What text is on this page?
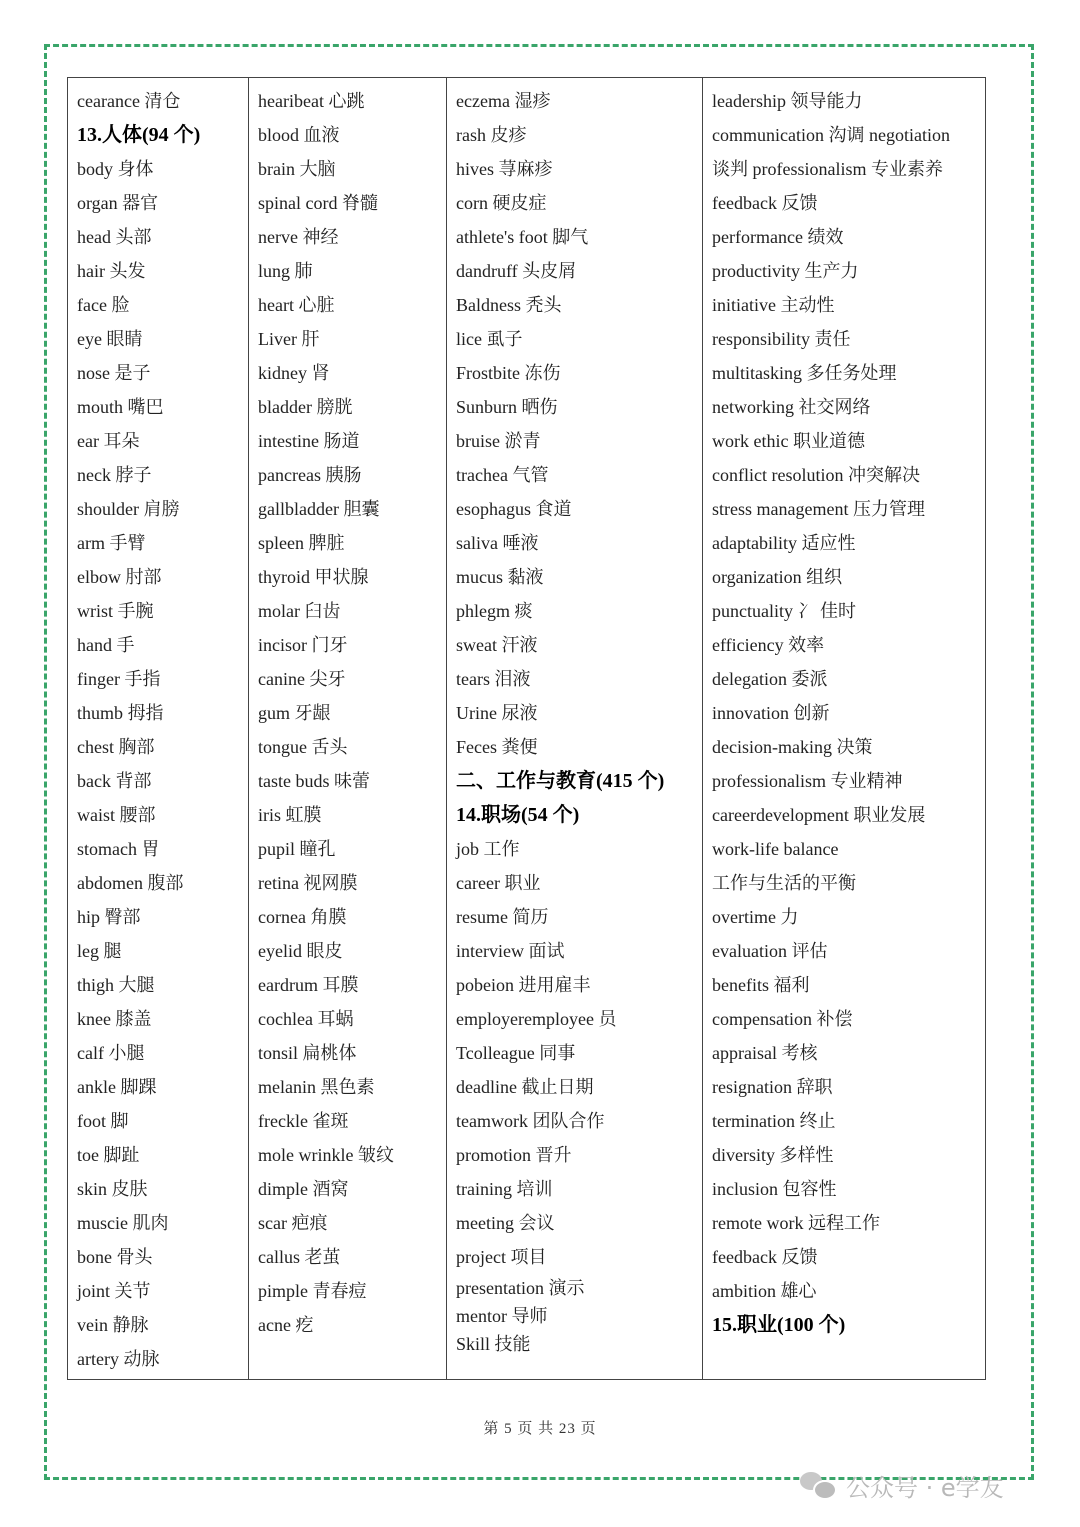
cearance 清仓
13.人体(94 个)
body 身体
organ 器官
head 头部
hair 头发
face 脸
eye 眼睛
nose 是子
mouth 嘴巴
ear 耳朵
neck 脖子
shoulder 肩膀
arm 手臂
elbow 肘部
wrist 手腕
hand 手
finger 手指
thumb 拇指
chest 胸部
back 背部
waist 腰部
stomach 胃
abdomen 腹部
hip 臀部
leg 腿
thigh 大腿
knee 膝盖
calf 小腿
ankle 脚踝
foot 脚
toe 脚趾
skin 皮肤
muscie 肌肉
bone 骨头
joint 关节
vein 静脉
artery 动脉
hearibeat 心跳
blood 血液
brain 大脑
spinal cord 脊髓
nerve 神经
lung 肺
heart 心脏
Liver 肝
kidney 肾
bladder 膀胱
intestine 肠道
pancreas 胰肠
gallbladder 胆囊
spleen 脾脏
thyroid 甲状腺
molar 臼齿
incisor 门牙
canine 尖牙
gum 牙龈
tongue 舌头
taste buds 味蕾
iris 虹膜
pupil 瞳孔
retina 视网膜
cornea 角膜
eyelid 眼皮
eardrum 耳膜
cochlea 耳蜗
tonsil 扁桃体
melanin 黑色素
freckle 雀斑
mole wrinkle 皱纹
dimple 酒窝
scar 疤痕
callus 老茧
pimple 青春痘
acne 疙
eczema 湿疹
rash 皮疹
hives 荨麻疹
corn 硬皮症
athlete's foot 脚气
dandruff 头皮屑
Baldness 秃头
lice 虱子
Frostbite 冻伤
Sunburn 晒伤
bruise 淤青
trachea 气管
esophagus 食道
saliva 唾液
mucus 黏液
phlegm 痰
sweat 汗液
tears 泪液
Urine 尿液
Feces 粪便
二、工作与教育(415 个)
14.职场(54 个)
job 工作
career 职业
resume 简历
interview 面试
pobeion 进用雇丰
employeremployee 员
Tcolleague 同事
deadline 截止日期
teamwork 团队合作
promotion 晋升
training 培训
meeting 会议
project 项目
presentation 演示
mentor 导师
Skill 技能
leadership 领导能力
communication 沟调 negotiation
谈判 professionalism 专业素养
feedback 反馈
performance 绩效
productivity 生产力
initiative 主动性
responsibility 责任
multitasking 多任务处理
networking 社交网络
work ethic 职业道德
conflict resolution 冲突解决
stress management 压力管理
adaptability 适应性
organization 组织
punctuality 冫 佳时
efficiency 效率
delegation 委派
innovation 创新
decision-making 决策
professionalism 专业精神
careerdevelopment 职业发展
work-life balance
工作与生活的平衡
overtime 力
evaluation 评估
benefits 福利
compensation 补偿
appraisal 考核
resignation 辞职
termination 终止
diversity 多样性
inclusion 包容性
remote work 远程工作
feedback 反馈
ambition 雄心
15.职业(100 个)
第 5 页 共 23 页
公众号 · e学友
